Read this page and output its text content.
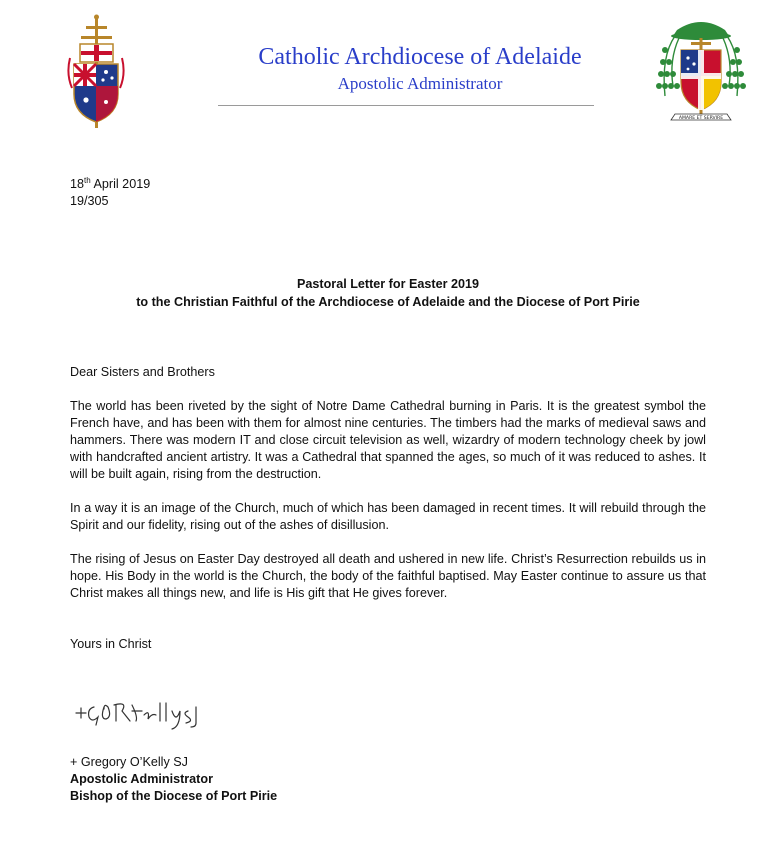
Catholic Archdiocese of Adelaide
Apostolic Administrator
AMARE ET SERVIRE
18th April 2019
19/305
Pastoral Letter for Easter 2019
to the Christian Faithful of the Archdiocese of Adelaide and the Diocese of Port Pirie
Dear Sisters and Brothers
The world has been riveted by the sight of Notre Dame Cathedral burning in Paris. It is the greatest symbol the French have, and has been with them for almost nine centuries. The timbers had the marks of medieval saws and hammers. There was modern IT and close circuit television as well, wizardry of modern technology cheek by jowl with handcrafted ancient artistry. It was a Cathedral that spanned the ages, so much of it was reduced to ashes. It will be built again, rising from the destruction.
In a way it is an image of the Church, much of which has been damaged in recent times. It will rebuild through the Spirit and our fidelity, rising out of the ashes of disillusion.
The rising of Jesus on Easter Day destroyed all death and ushered in new life. Christ’s Resurrection rebuilds us in hope. His Body in the world is the Church, the body of the faithful baptised. May Easter continue to assure us that Christ makes all things new, and life is His gift that He gives forever.
Yours in Christ
+ Gregory O’Kelly SJ
Apostolic Administrator
Bishop of the Diocese of Port Pirie
